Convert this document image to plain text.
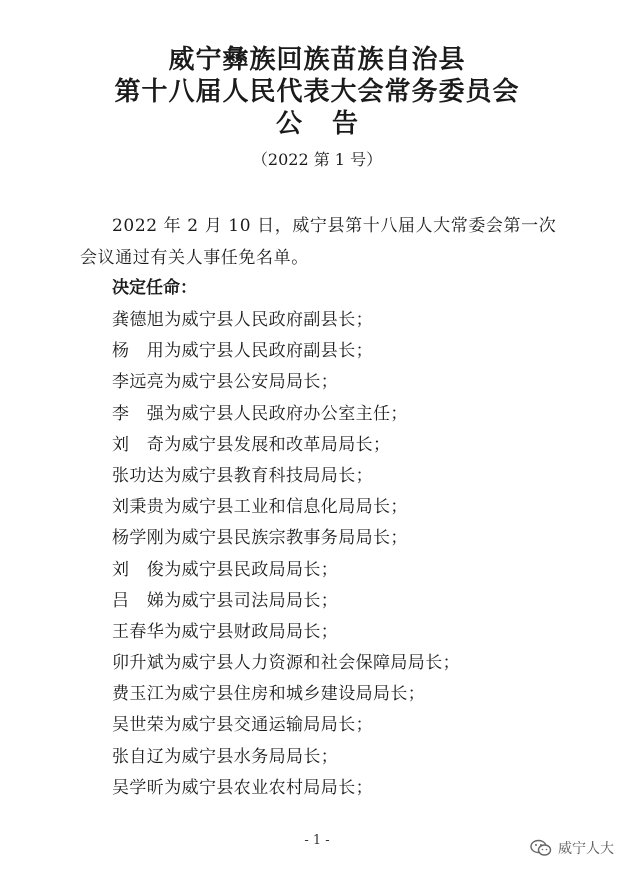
威宁彝族回族苗族自治县
第十八届人民代表大会常务委员会
公告
（2022 第 1 号）
2022 年 2 月 10 日，威宁县第十八届人大常委会第一次
会议通过有关人事任免名单。
决定任命：
龚德旭为威宁县人民政府副县长；
杨　用为威宁县人民政府副县长；
李远亮为威宁县公安局局长；
李　强为威宁县人民政府办公室主任；
刘　奇为威宁县发展和改革局局长；
张功达为威宁县教育科技局局长；
刘秉贵为威宁县工业和信息化局局长；
杨学刚为威宁县民族宗教事务局局长；
刘　俊为威宁县民政局局长；
吕　娣为威宁县司法局局长；
王春华为威宁县财政局局长；
卯升斌为威宁县人力资源和社会保障局局长；
费玉江为威宁县住房和城乡建设局局长；
吴世荣为威宁县交通运输局局长；
张自辽为威宁县水务局局长；
吴学昕为威宁县农业农村局局长；
- 1 -
威宁人大
